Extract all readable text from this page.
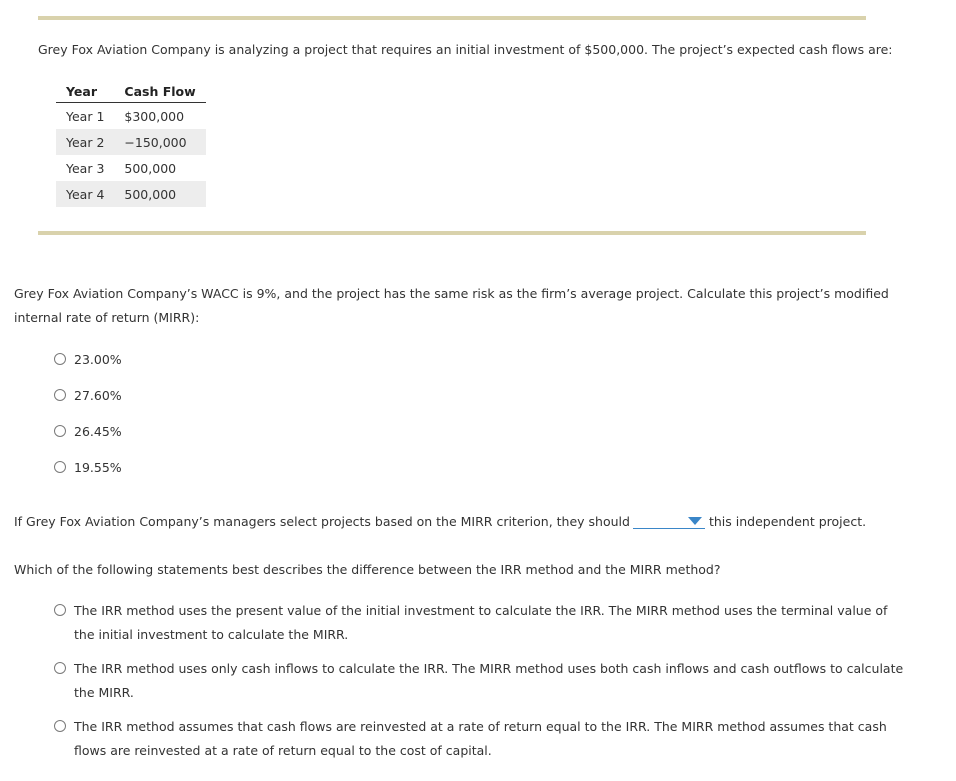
Grey Fox Aviation Company is analyzing a project that requires an initial investment of $500,000. The project’s expected cash flows are:
Year	Cash Flow
Year 1	$300,000
Year 2	−150,000
Year 3	500,000
Year 4	500,000
Grey Fox Aviation Company’s WACC is 9%, and the project has the same risk as the firm’s average project. Calculate this project’s modified internal rate of return (MIRR):
23.00%
27.60%
26.45%
19.55%
If Grey Fox Aviation Company’s managers select projects based on the MIRR criterion, they should	this independent project.
Which of the following statements best describes the difference between the IRR method and the MIRR method?
The IRR method uses the present value of the initial investment to calculate the IRR. The MIRR method uses the terminal value of the initial investment to calculate the MIRR.
The IRR method uses only cash inflows to calculate the IRR. The MIRR method uses both cash inflows and cash outflows to calculate the MIRR.
The IRR method assumes that cash flows are reinvested at a rate of return equal to the IRR. The MIRR method assumes that cash flows are reinvested at a rate of return equal to the cost of capital.
